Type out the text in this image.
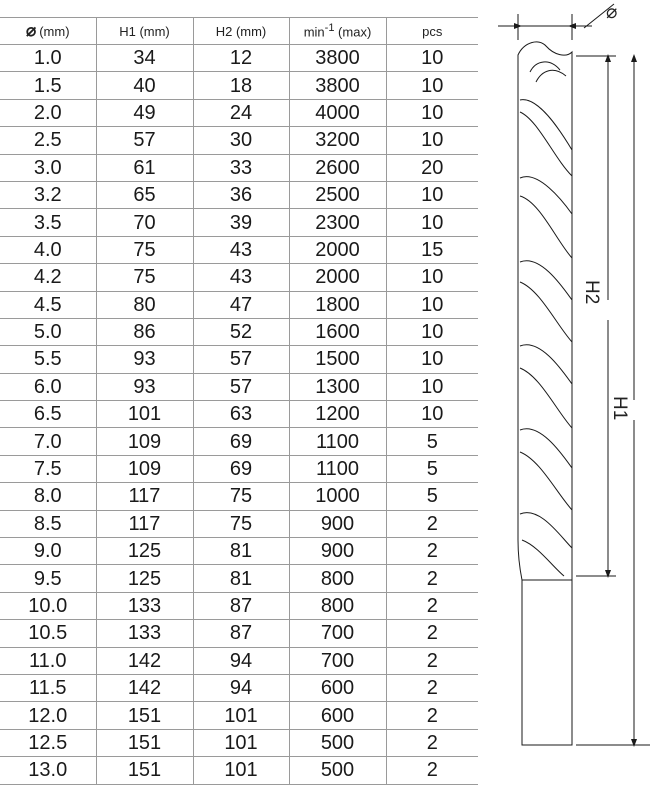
⌀ (mm)	H1 (mm)	H2 (mm)	$\min^{-1} (\max)$	pcs
1.0	34	12	3800	10
1.5	40	18	3800	10
2.0	49	24	4000	10
2.5	57	30	3200	10
3.0	61	33	2600	20
3.2	65	36	2500	10
3.5	70	39	2300	10
4.0	75	43	2000	15
4.2	75	43	2000	10
4.5	80	47	1800	10
5.0	86	52	1600	10
5.5	93	57	1500	10
6.0	93	57	1300	10
6.5	101	63	1200	10
7.0	109	69	1100	5
7.5	109	69	1100	5
8.0	117	75	1000	5
8.5	117	75	900	2
9.0	125	81	900	2
9.5	125	81	800	2
10.0	133	87	800	2
10.5	133	87	700	2
11.0	142	94	700	2
11.5	142	94	600	2
12.0	151	101	600	2
12.5	151	101	500	2
13.0	151	101	500	2
⌀
H2
H1
